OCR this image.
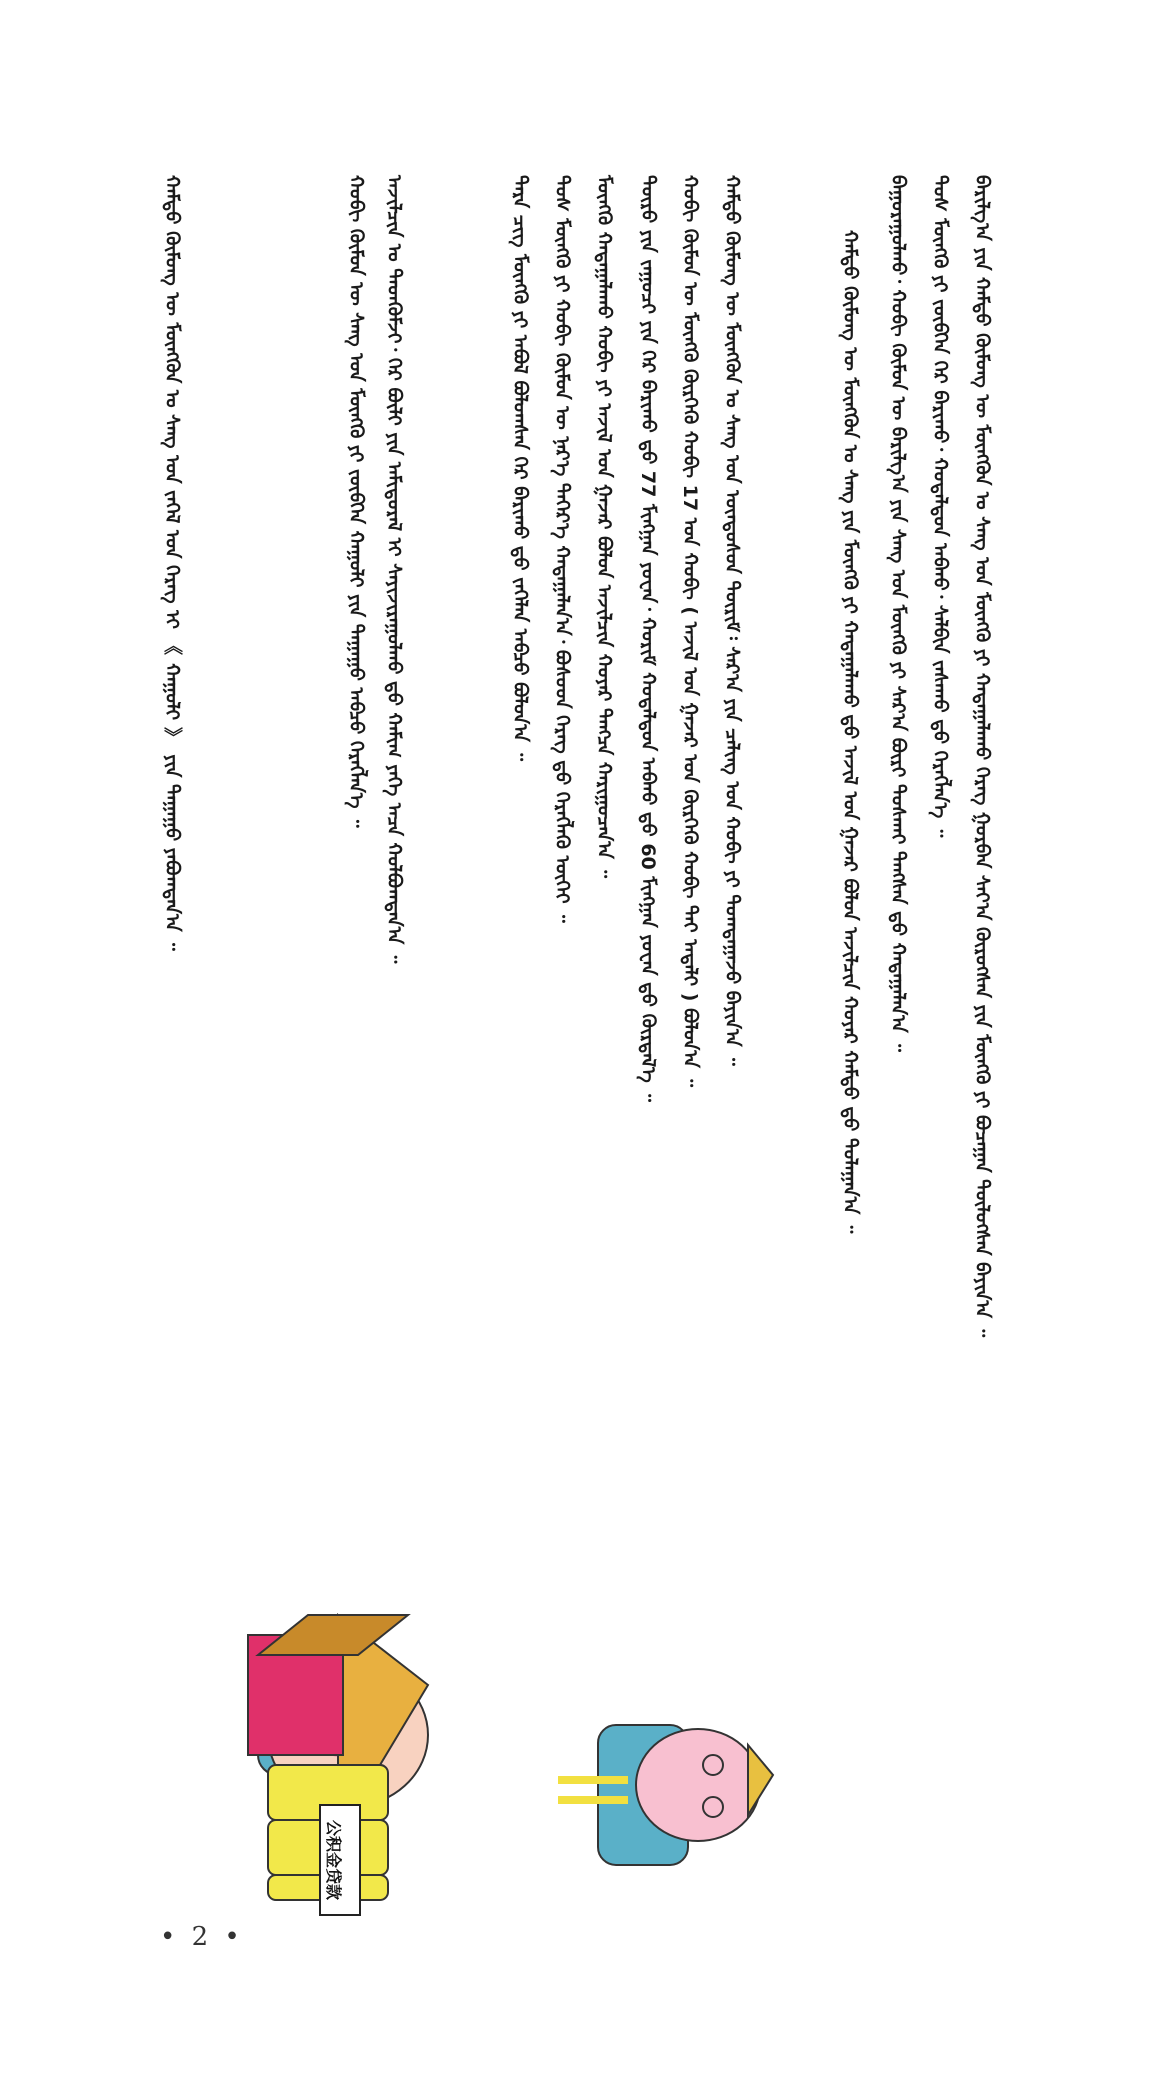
ᠪᠠᠷᠢᠯᠭ᠎ᠠ ᠶᠢᠨ ᠬᠠᠮᠲᠤ ᠬᠥᠮᠦᠩ ᠦ ᠮᠥᠩᠭᠥᠨ ᠤ ᠰᠠᠩ ᠤᠨ ᠮᠥᠩᠭᠥ ᠶᠢ ᠬᠠᠳᠠᠭᠠᠯᠠᠬᠤ ᠬᠡᠷᠡᠭ ᠭᠤᠷᠪᠠᠨ ᠰᠠᠶ᠎ᠠ ᠬᠦᠷᠦᠭᠰᠡᠨ ᠶᠢᠨ ᠮᠥᠩᠭᠥ ᠶᠢ ᠪᠤᠴᠠᠭᠠᠨ ᠲᠥᠯᠥᠭᠰᠡᠨ ᠪᠠᠶᠢᠨ᠎ᠠ ᠃
ᠲᠤᠰ ᠮᠥᠩᠭᠥ ᠶᠢ ᠵᠥᠪᠬᠡᠨ ᠭᠡᠷ ᠪᠠᠷᠢᠬᠤ᠂ ᠬᠤᠳᠠᠯᠳᠤᠨ ᠠᠪᠬᠤ᠂ ᠰᠡᠯᠪᠢᠨ ᠵᠠᠰᠠᠬᠤ ᠳ᠋ᠤ ᠬᠡᠷᠡᠭᠯᠡᠨ᠎ᠡ ᠃
ᠪᠠᠭᠤᠷᠠᠭᠤᠯᠬᠤ᠂ ᠬᠤᠪᠢ ᠬᠥᠮᠦᠨ ᠦ ᠪᠠᠷᠢᠯᠭ᠎ᠠ ᠶᠢᠨ ᠰᠠᠩ ᠤᠨ ᠮᠥᠩᠭᠥ ᠶᠢ ᠰᠠᠷ᠎ᠠ ᠪᠦᠷᠢ ᠲᠤᠰᠭᠠᠢ ᠳᠠᠩᠰᠠᠨ ᠳ᠋ᠤ ᠬᠠᠳᠠᠭᠠᠯᠠᠨ᠎ᠠ ᠃
ᠬᠠᠮᠲᠤ ᠬᠥᠮᠦᠩ ᠦ ᠮᠥᠩᠭᠥᠨ ᠤ ᠰᠠᠩ ᠶᠢᠨ ᠮᠥᠩᠭᠥ ᠶᠢ ᠬᠠᠳᠠᠭᠠᠯᠠᠬᠤ ᠳ᠋ᠤ ᠠᠵᠢᠯ ᠤᠨ ᠭᠠᠵᠠᠷ ᠪᠣᠯᠤᠨ ᠠᠵᠢᠯᠴᠢᠨ ᠬᠣᠶᠠᠷ ᠬᠠᠮᠲᠤ ᠳ᠋ᠤ ᠲᠤᠯᠠᠭᠠᠨ᠎ᠠ ᠃
ᠬᠠᠮᠲᠤ ᠬᠥᠮᠦᠩ ᠦ ᠮᠥᠩᠭᠥᠨ ᠤ ᠰᠠᠩ ᠤᠨ ᠦᠨᠳᠦᠰᠦᠨ ᠳᠦᠷᠢᠮ᠄ ᠰᠠᠷ᠎ᠠ ᠶᠢᠨ ᠴᠠᠯᠢᠩ ᠤᠨ ᠬᠤᠪᠢ ᠶᠢ ᠲᠣᠭᠲᠠᠭᠠᠵᠤ ᠪᠠᠶᠢᠨ᠎ᠠ ᠃
ᠬᠤᠪᠢ ᠬᠥᠮᠦᠨ ᠦ ᠮᠥᠩᠭᠥ ᠬᠦᠷᠭᠡᠬᠦ ᠬᠤᠪᠢ 17 ᠤᠨ ᠬᠤᠪᠢ ( ᠠᠵᠢᠯ ᠤᠨ ᠭᠠᠵᠠᠷ ᠤᠨ ᠬᠦᠷᠭᠡᠬᠦ ᠬᠤᠪᠢ ᠲᠡᠢ ᠠᠳᠠᠯᠢ ) ᠪᠣᠯᠤᠨ᠎ᠠ ᠃
ᠲᠥᠷᠥ ᠶᠢᠨ ᠵᠠᠭᠤᠴᠢ ᠶᠢᠨ ᠭᠡᠷ ᠪᠠᠷᠢᠬᠤ ᠳ᠋ᠤ 77 ᠮᠢᠩᠭ᠋ᠠᠨ ᠶᠤᠸᠠᠨ᠂ ᠬᠤᠷᠢᠮ ᠬᠤᠳᠠᠯᠳᠤᠨ ᠠᠪᠬᠤ ᠳ᠋ᠤ 60 ᠮᠢᠩᠭ᠋ᠠᠨ ᠶᠤᠸᠠᠨ ᠳ᠋ᠤ ᠬᠦᠷᠲᠡᠯ᠎ᠡ ᠃
ᠮᠥᠩᠭᠥ ᠬᠠᠳᠠᠭᠠᠯᠠᠬᠤ ᠬᠤᠪᠢ ᠶᠢ ᠠᠵᠢᠯ ᠤᠨ ᠭᠠᠵᠠᠷ ᠪᠣᠯᠤᠨ ᠠᠵᠢᠯᠴᠢᠨ ᠬᠣᠶᠠᠷ ᠲᠡᠩᠴᠡ ᠬᠠᠷᠢᠭᠤᠴᠠᠨ᠎ᠠ ᠃
ᠲᠤᠰ ᠮᠥᠩᠭᠥ ᠶᠢ ᠬᠤᠪᠢ ᠬᠥᠮᠦᠨ ᠦ ᠨᠡᠷ᠎ᠡ ᠳᠡᠭᠡᠷ᠎ᠡ ᠬᠠᠳᠠᠭᠠᠯᠠᠨ᠎ᠠ᠂ ᠪᠤᠰᠤᠳ ᠬᠡᠷᠡᠭ ᠳ᠋ᠤ ᠬᠡᠷᠡᠭᠯᠡᠬᠦ ᠦᠭᠡᠢ ᠃
ᠲᠡᠷᠡ ᠴᠢᠭ ᠮᠥᠩᠭᠥ ᠶᠢ ᠠᠪᠤᠯ ᠪᠣᠯᠤᠭᠰᠠᠨ ᠭᠡᠷ ᠪᠠᠷᠢᠬᠤ ᠳ᠋ᠤ ᠵᠡᠭᠡᠯᠡᠨ ᠠᠪᠴᠤ ᠪᠣᠯᠤᠨ᠎ᠠ ᠃
ᠠᠵᠢᠯᠴᠢᠨ ᠤ ᠲᠡᠳᠭᠦᠮᠵᠢ᠂ ᠭᠡᠷ ᠪᠦᠯᠢ ᠶᠢᠨ ᠠᠮᠢᠳᠤᠷᠠᠯ ᠢ ᠰᠠᠶᠢᠵᠢᠷᠠᠭᠤᠯᠬᠤ ᠳ᠋ᠤ ᠬᠠᠮᠢᠭ ᠶᠡᠬᠡ ᠠᠴᠠ ᠬᠣᠯᠪᠣᠭᠳᠠᠨ᠎ᠠ ᠃
ᠬᠤᠪᠢ ᠬᠥᠮᠦᠨ ᠦ ᠰᠠᠩ ᠤᠨ ᠮᠥᠩᠭᠥ ᠶᠢ ᠵᠥᠪᠬᠡᠨ ᠬᠠᠭᠤᠯᠢ ᠶᠢᠨ ᠳᠠᠭᠠᠭᠤ ᠠᠪᠴᠤ ᠬᠡᠷᠡᠭᠯᠡᠨ᠎ᠡ ᠃
ᠬᠠᠮᠲᠤ ᠬᠥᠮᠦᠩ ᠦ ᠮᠥᠩᠭᠥᠨ ᠤ ᠰᠠᠩ ᠤᠨ ᠵᠡᠭᠡᠯ ᠤᠨ ᠬᠡᠷᠡᠭ ᠢ 《 ᠬᠠᠭᠤᠯᠢ 》 ᠶᠢᠨ ᠳᠠᠭᠠᠭᠤ ᠶᠠᠪᠤᠭᠳᠠᠨ᠎ᠠ ᠃
公积金贷款
• 2 •
